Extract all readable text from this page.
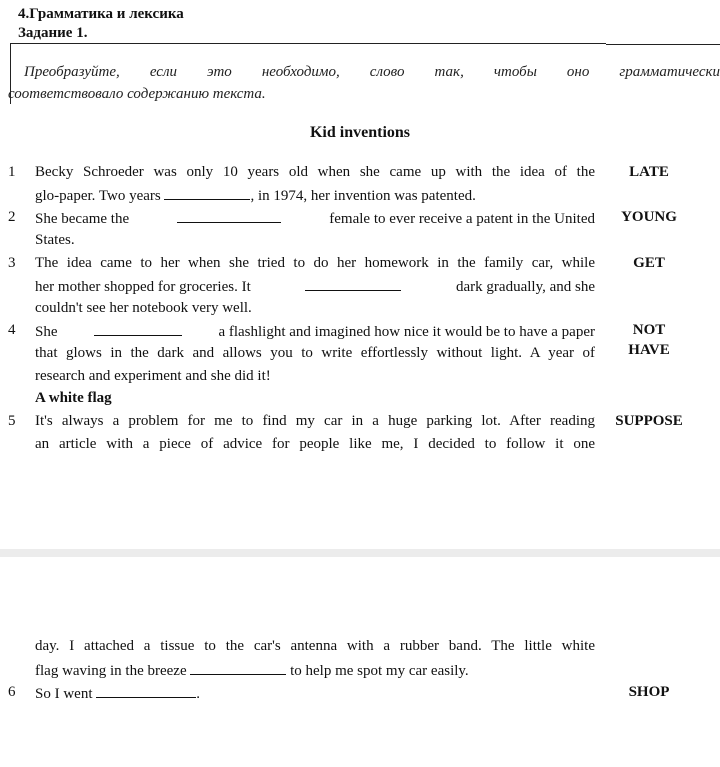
4.Грамматика и лексика
Задание 1.
Преобразуйте, если это необходимо, слово так, чтобы оно грамматически
соответствовало содержанию текста.
Kid inventions
1 Becky Schroeder was only 10 years old when she came up with the idea of the
glo-paper. Two years	, in 1974, her invention was patented.
LATE
2 She became the	female to ever receive a patent in the United
States.
YOUNG
3 The idea came to her when she tried to do her homework in the family car, while
her mother shopped for groceries. It	dark gradually, and she
couldn't see her notebook very well.
GET
4 She	a flashlight and imagined how nice it would be to have a paper
that glows in the dark and allows you to write effortlessly without light. A year of
research and experiment and she did it!
NOT
HAVE
A white flag
5 It's always a problem for me to find my car in a huge parking lot. After reading
an article with a piece of advice for people like me, I decided to follow it one
SUPPOSE
day. I attached a tissue to the car's antenna with a rubber band. The little white
flag waving in the breeze	to help me spot my car easily.
6 So I went	.	SHOP
